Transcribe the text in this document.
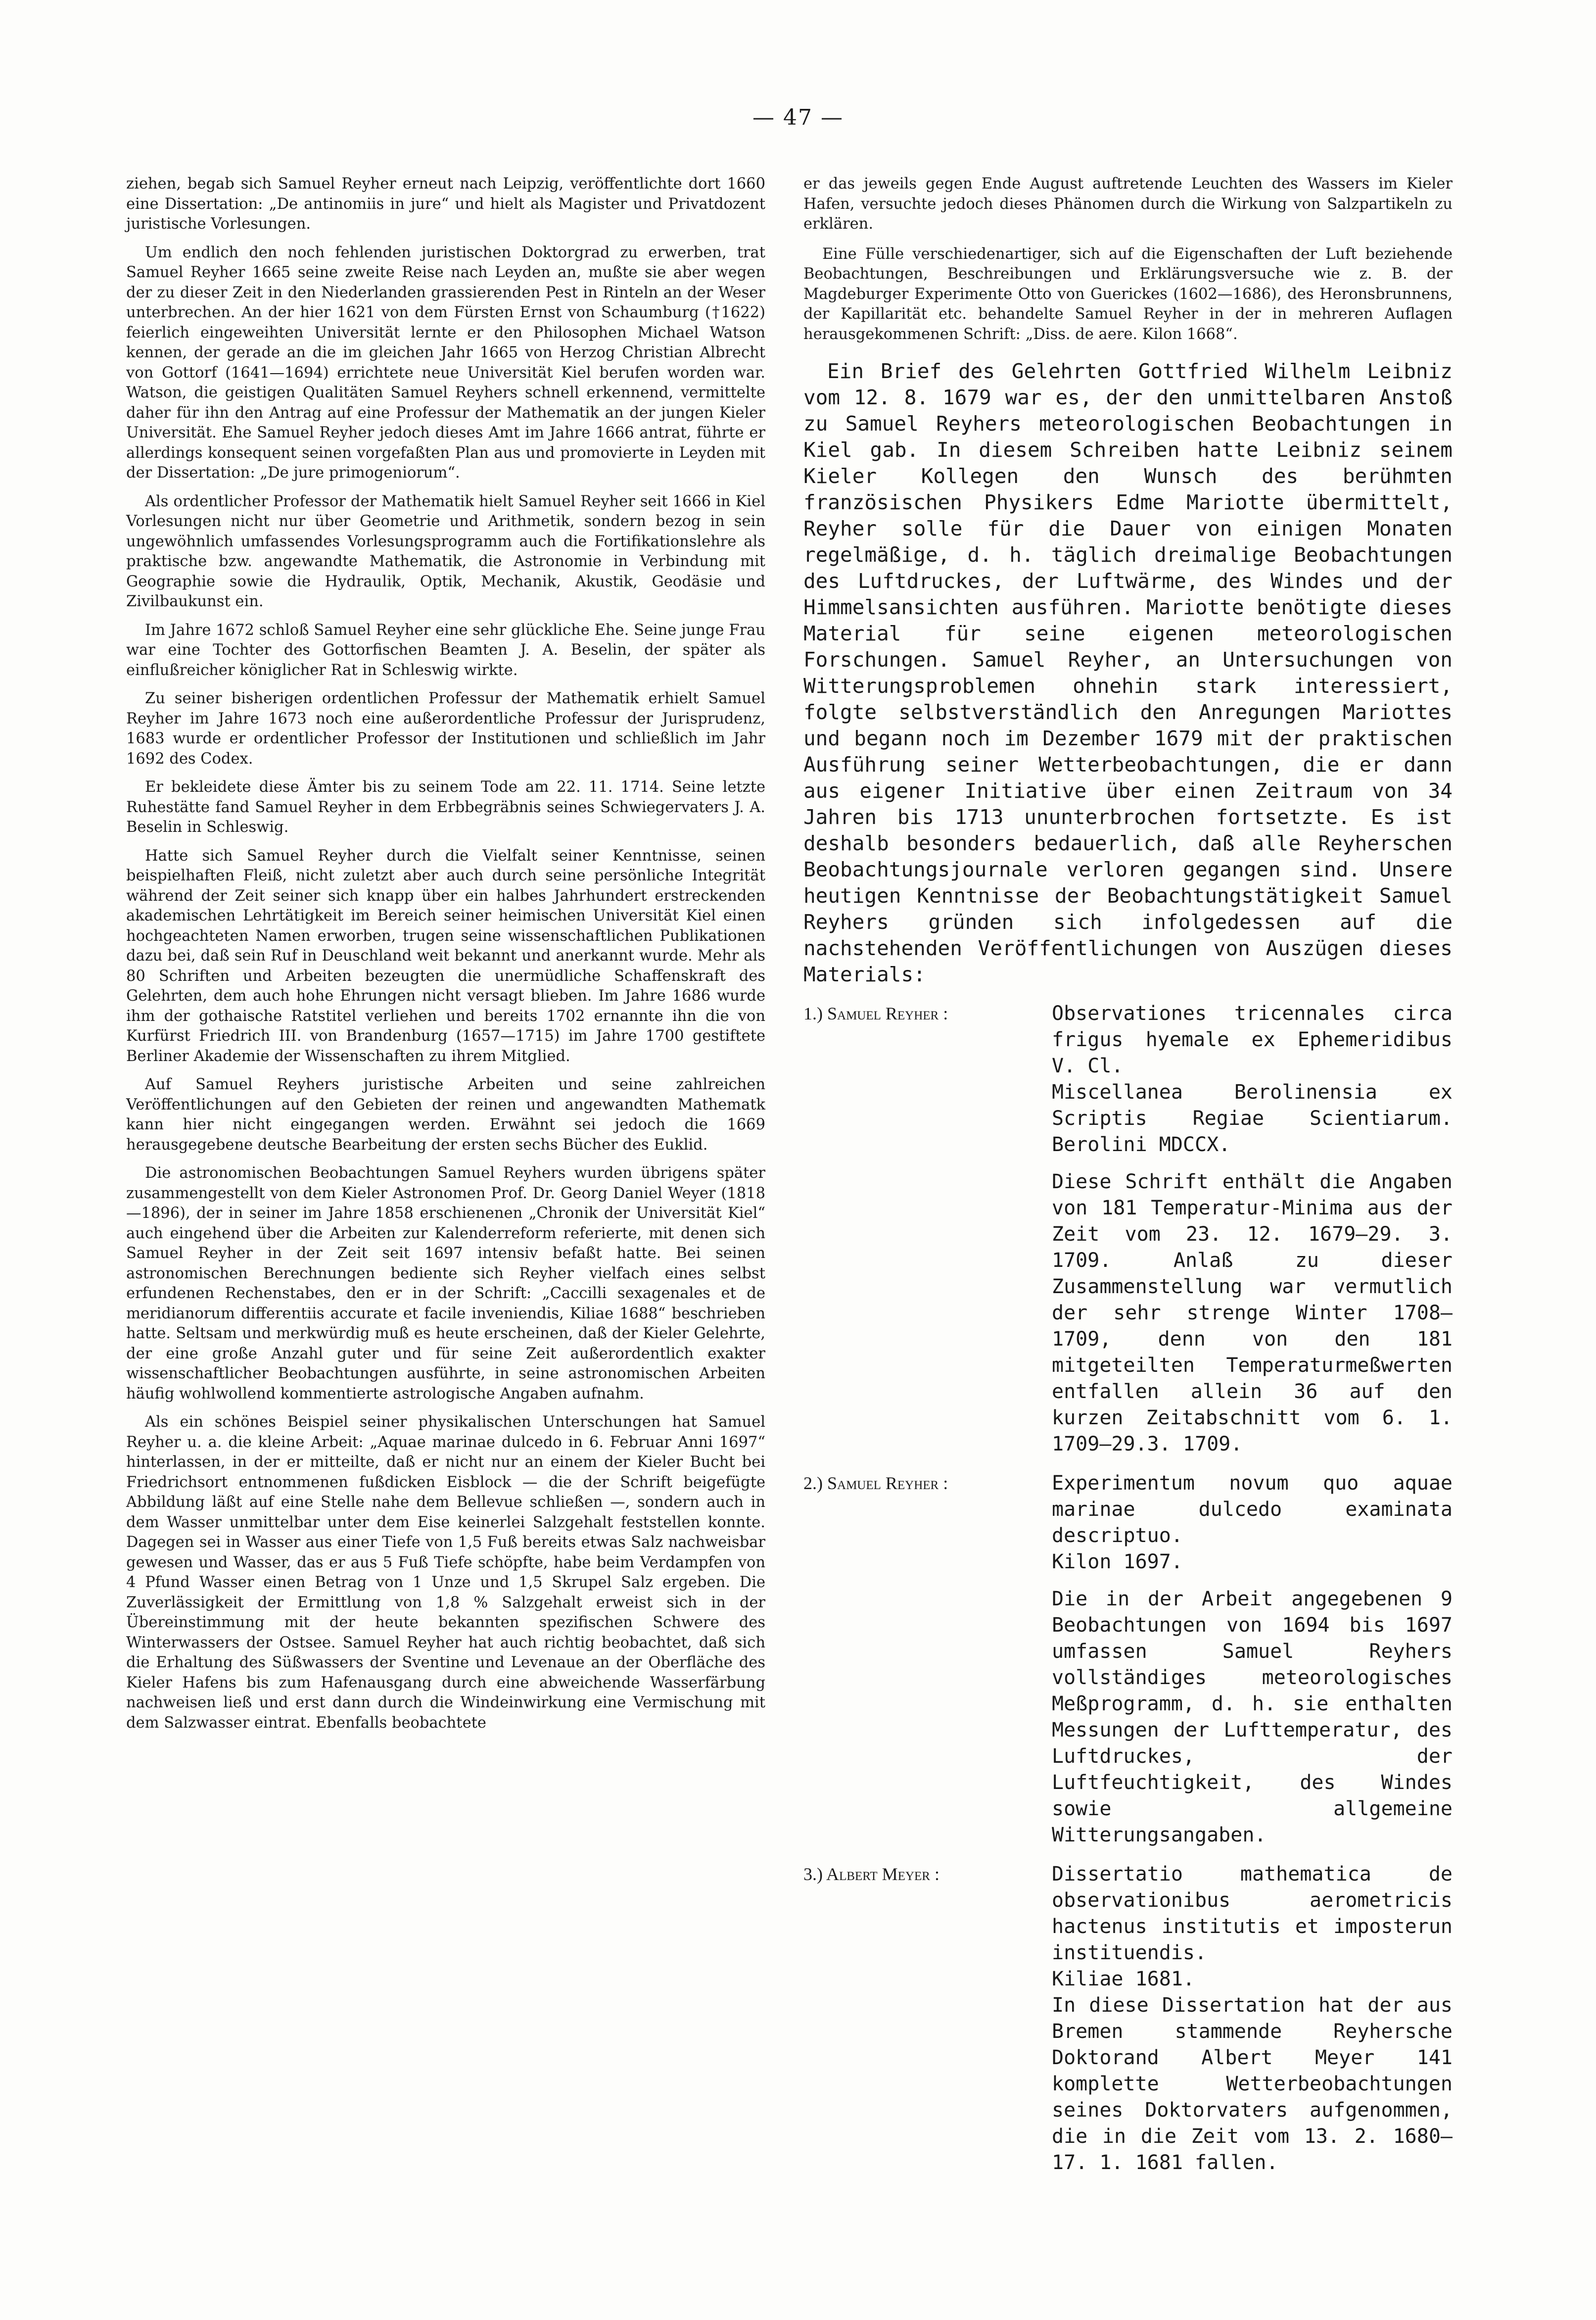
— 47 —

ziehen, begab sich Samuel Reyher erneut nach Leipzig, veröffentlichte dort 1660 eine Dissertation: „De antinomiis in jure“ und hielt als Magister und Privatdozent juristische Vorlesungen.

Um endlich den noch fehlenden juristischen Doktorgrad zu erwerben, trat Samuel Reyher 1665 seine zweite Reise nach Leyden an, mußte sie aber wegen der zu dieser Zeit in den Niederlanden grassierenden Pest in Rinteln an der Weser unterbrechen. An der hier 1621 von dem Fürsten Ernst von Schaumburg (†1622) feierlich eingeweihten Universität lernte er den Philosophen Michael Watson kennen, der gerade an die im gleichen Jahr 1665 von Herzog Christian Albrecht von Gottorf (1641—1694) errichtete neue Universität Kiel berufen worden war. Watson, die geistigen Qualitäten Samuel Reyhers schnell erkennend, vermittelte daher für ihn den Antrag auf eine Professur der Mathematik an der jungen Kieler Universität. Ehe Samuel Reyher jedoch dieses Amt im Jahre 1666 antrat, führte er allerdings konsequent seinen vorgefaßten Plan aus und promovierte in Leyden mit der Dissertation: „De jure primogeniorum“.

Als ordentlicher Professor der Mathematik hielt Samuel Reyher seit 1666 in Kiel Vorlesungen nicht nur über Geometrie und Arithmetik, sondern bezog in sein ungewöhnlich umfassendes Vorlesungsprogramm auch die Fortifikationslehre als praktische bzw. angewandte Mathematik, die Astronomie in Verbindung mit Geographie sowie die Hydraulik, Optik, Mechanik, Akustik, Geodäsie und Zivilbaukunst ein.

Im Jahre 1672 schloß Samuel Reyher eine sehr glückliche Ehe. Seine junge Frau war eine Tochter des Gottorfischen Beamten J. A. Beselin, der später als einflußreicher königlicher Rat in Schleswig wirkte.

Zu seiner bisherigen ordentlichen Professur der Mathematik erhielt Samuel Reyher im Jahre 1673 noch eine außerordentliche Professur der Jurisprudenz, 1683 wurde er ordentlicher Professor der Institutionen und schließlich im Jahr 1692 des Codex.

Er bekleidete diese Ämter bis zu seinem Tode am 22. 11. 1714. Seine letzte Ruhestätte fand Samuel Reyher in dem Erbbegräbnis seines Schwiegervaters J. A. Beselin in Schleswig.

Hatte sich Samuel Reyher durch die Vielfalt seiner Kenntnisse, seinen beispielhaften Fleiß, nicht zuletzt aber auch durch seine persönliche Integrität während der Zeit seiner sich knapp über ein halbes Jahrhundert erstreckenden akademischen Lehrtätigkeit im Bereich seiner heimischen Universität Kiel einen hochgeachteten Namen erworben, trugen seine wissenschaftlichen Publikationen dazu bei, daß sein Ruf in Deuschland weit bekannt und anerkannt wurde. Mehr als 80 Schriften und Arbeiten bezeugten die unermüdliche Schaffenskraft des Gelehrten, dem auch hohe Ehrungen nicht versagt blieben. Im Jahre 1686 wurde ihm der gothaische Ratstitel verliehen und bereits 1702 ernannte ihn die von Kurfürst Friedrich III. von Brandenburg (1657—1715) im Jahre 1700 gestiftete Berliner Akademie der Wissenschaften zu ihrem Mitglied.

Auf Samuel Reyhers juristische Arbeiten und seine zahlreichen Veröffentlichungen auf den Gebieten der reinen und angewandten Mathematk kann hier nicht eingegangen werden. Erwähnt sei jedoch die 1669 herausgegebene deutsche Bearbeitung der ersten sechs Bücher des Euklid.

Die astronomischen Beobachtungen Samuel Reyhers wurden übrigens später zusammengestellt von dem Kieler Astronomen Prof. Dr. Georg Daniel Weyer (1818—1896), der in seiner im Jahre 1858 erschienenen „Chronik der Universität Kiel“ auch eingehend über die Arbeiten zur Kalenderreform referierte, mit denen sich Samuel Reyher in der Zeit seit 1697 intensiv befaßt hatte. Bei seinen astronomischen Berechnungen bediente sich Reyher vielfach eines selbst erfundenen Rechenstabes, den er in der Schrift: „Caccilli sexagenales et de meridianorum differentiis accurate et facile inveniendis, Kiliae 1688“ beschrieben hatte. Seltsam und merkwürdig muß es heute erscheinen, daß der Kieler Gelehrte, der eine große Anzahl guter und für seine Zeit außerordentlich exakter wissenschaftlicher Beobachtungen ausführte, in seine astronomischen Arbeiten häufig wohlwollend kommentierte astrologische Angaben aufnahm.

Als ein schönes Beispiel seiner physikalischen Unterschungen hat Samuel Reyher u. a. die kleine Arbeit: „Aquae marinae dulcedo in 6. Februar Anni 1697“ hinterlassen, in der er mitteilte, daß er nicht nur an einem der Kieler Bucht bei Friedrichsort entnommenen fußdicken Eisblock — die der Schrift beigefügte Abbildung läßt auf eine Stelle nahe dem Bellevue schließen —, sondern auch in dem Wasser unmittelbar unter dem Eise keinerlei Salzgehalt feststellen konnte. Dagegen sei in Wasser aus einer Tiefe von 1,5 Fuß bereits etwas Salz nachweisbar gewesen und Wasser, das er aus 5 Fuß Tiefe schöpfte, habe beim Verdampfen von 4 Pfund Wasser einen Betrag von 1 Unze und 1,5 Skrupel Salz ergeben. Die Zuverlässigkeit der Ermittlung von 1,8 % Salzgehalt erweist sich in der Übereinstimmung mit der heute bekannten spezifischen Schwere des Winterwassers der Ostsee. Samuel Reyher hat auch richtig beobachtet, daß sich die Erhaltung des Süßwassers der Sventine und Levenaue an der Oberfläche des Kieler Hafens bis zum Hafenausgang durch eine abweichende Wasserfärbung nachweisen ließ und erst dann durch die Windeinwirkung eine Vermischung mit dem Salzwasser eintrat. Ebenfalls beobachtete

er das jeweils gegen Ende August auftretende Leuchten des Wassers im Kieler Hafen, versuchte jedoch dieses Phänomen durch die Wirkung von Salzpartikeln zu erklären.

Eine Fülle verschiedenartiger, sich auf die Eigenschaften der Luft beziehende Beobachtungen, Beschreibungen und Erklärungsversuche wie z. B. der Magdeburger Experimente Otto von Guerickes (1602—1686), des Heronsbrunnens, der Kapillarität etc. behandelte Samuel Reyher in der in mehreren Auflagen herausgekommenen Schrift: „Diss. de aere. Kilon 1668“.

Ein Brief des Gelehrten Gottfried Wilhelm Leibniz vom 12. 8. 1679 war es, der den unmittelbaren Anstoß zu Samuel Reyhers meteorologischen Beobachtungen in Kiel gab. In diesem Schreiben hatte Leibniz seinem Kieler Kollegen den Wunsch des berühmten französischen Physikers Edme Mariotte übermittelt, Reyher solle für die Dauer von einigen Monaten regelmäßige, d. h. täglich dreimalige Beobachtungen des Luftdruckes, der Luftwärme, des Windes und der Himmelsansichten ausführen. Mariotte benötigte dieses Material für seine eigenen meteorologischen Forschungen. Samuel Reyher, an Untersuchungen von Witterungsproblemen ohnehin stark interessiert, folgte selbstverständlich den Anregungen Mariottes und begann noch im Dezember 1679 mit der praktischen Ausführung seiner Wetterbeobachtungen, die er dann aus eigener Initiative über einen Zeitraum von 34 Jahren bis 1713 ununterbrochen fortsetzte. Es ist deshalb besonders bedauerlich, daß alle Reyherschen Beobachtungsjournale verloren gegangen sind. Unsere heutigen Kenntnisse der Beobachtungstätigkeit Samuel Reyhers gründen sich infolgedessen auf die nachstehenden Veröffentlichungen von Auszügen dieses Materials:

1.) Samuel Reyher :	Observationes tricennales circa frigus hyemale ex Ephemeridibus V. Cl.

Miscellanea Berolinensia ex Scriptis Regiae Scientiarum. Berolini MDCCX.

Diese Schrift enthält die Angaben von 181 Temperatur-Minima aus der Zeit vom 23. 12. 1679—29. 3. 1709. Anlaß zu dieser Zusammenstellung war vermutlich der sehr strenge Winter 1708—1709, denn von den 181 mitgeteilten Temperaturmeßwerten entfallen allein 36 auf den kurzen Zeitabschnitt vom 6. 1. 1709—29.3. 1709.

2.) Samuel Reyher :	Experimentum novum quo aquae marinae dulcedo examinata descriptuo.

Kilon 1697.

Die in der Arbeit angegebenen 9 Beobachtungen von 1694 bis 1697 umfassen Samuel Reyhers vollständiges meteorologisches Meßprogramm, d. h. sie enthalten Messungen der Lufttemperatur, des Luftdruckes, der Luftfeuchtigkeit, des Windes sowie allgemeine Witterungsangaben.

3.) Albert Meyer :	Dissertatio mathematica de observationibus aerometricis hactenus institutis et imposterun instituendis.

Kiliae 1681.

In diese Dissertation hat der aus Bremen stammende Reyhersche Doktorand Albert Meyer 141 komplette Wetterbeobachtungen seines Doktorvaters aufgenommen, die in die Zeit vom 13. 2. 1680—17. 1. 1681 fallen.
